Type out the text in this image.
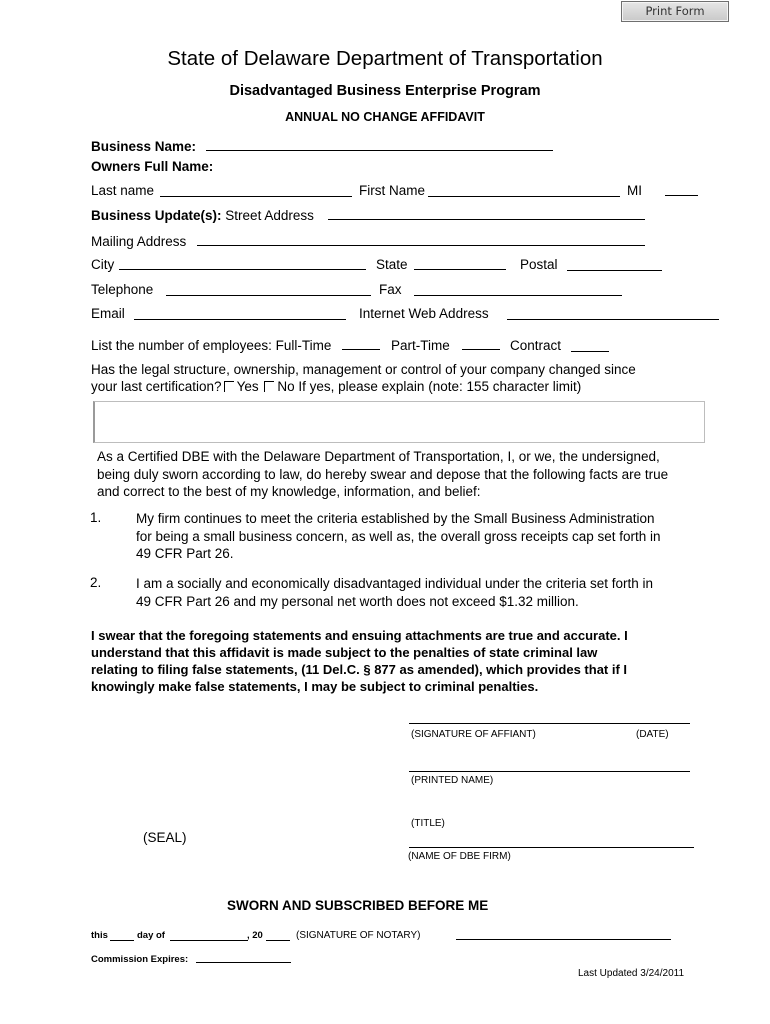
Print Form
State of Delaware Department of Transportation
Disadvantaged Business Enterprise Program
ANNUAL NO CHANGE AFFIDAVIT
Business Name:
Owners Full Name:
Last name	First Name	MI
Business Update(s): Street Address
Mailing Address
City	State	Postal
Telephone	Fax
Email	Internet Web Address
List the number of employees: Full-Time	Part-Time	Contract
Has the legal structure, ownership, management or control of your company changed since
your last certification? Yes No If yes, please explain (note: 155 character limit)
As a Certified DBE with the Delaware Department of Transportation, I, or we, the undersigned,
being duly sworn according to law, do hereby swear and depose that the following facts are true
and correct to the best of my knowledge, information, and belief:
1.	My firm continues to meet the criteria established by the Small Business Administration
for being a small business concern, as well as, the overall gross receipts cap set forth in
49 CFR Part 26.
2.	I am a socially and economically disadvantaged individual under the criteria set forth in
49 CFR Part 26 and my personal net worth does not exceed $1.32 million.
I swear that the foregoing statements and ensuing attachments are true and accurate. I
understand that this affidavit is made subject to the penalties of state criminal law
relating to filing false statements, (11 Del.C. § 877 as amended), which provides that if I
knowingly make false statements, I may be subject to criminal penalties.
(SIGNATURE OF AFFIANT)	(DATE)
(PRINTED NAME)
(TITLE)
(SEAL)
(NAME OF DBE FIRM)
SWORN AND SUBSCRIBED BEFORE ME
this	day of	, 20	(SIGNATURE OF NOTARY)
Commission Expires:
Last Updated 3/24/2011
